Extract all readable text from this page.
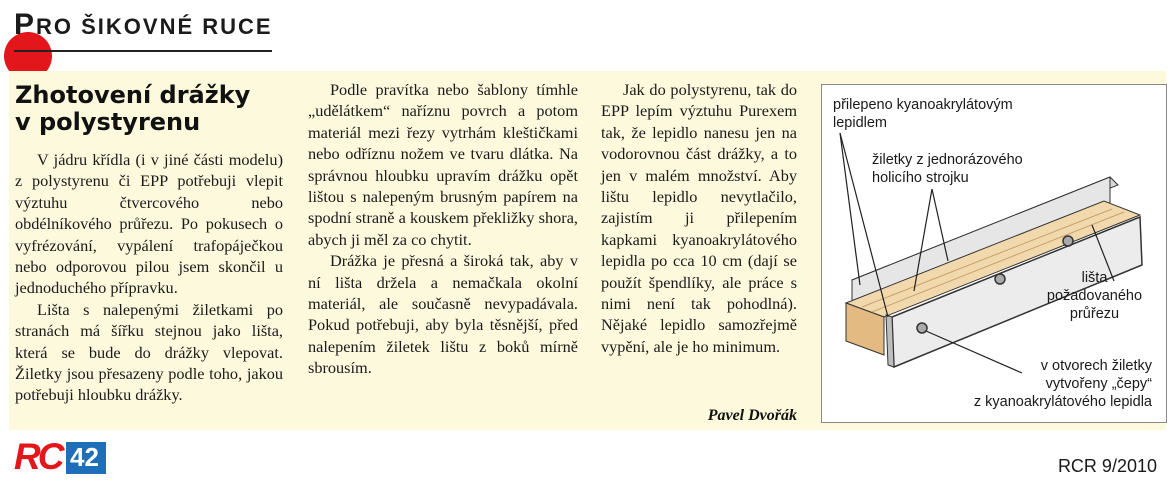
PRO ŠIKOVNÉ RUCE
Zhotovení drážky
v polystyrenu

V jádru křídla (i v jiné části modelu) z polystyrenu či EPP potřebuji vlepit výztuhu čtvercového nebo obdélníkového průřezu. Po pokusech o vyfrézování, vypálení trafopáječkou nebo odporovou pilou jsem skončil u jednoduchého přípravku.

Lišta s nalepenými žiletkami po stranách má šířku stejnou jako lišta, která se bude do drážky vlepovat. Žiletky jsou přesazeny podle toho, jakou potřebuji hloubku drážky.

Podle pravítka nebo šablony tímhle „udělátkem“ naříznu povrch a potom materiál mezi řezy vytrhám kleštičkami nebo odříznu nožem ve tvaru dlátka. Na správnou hloubku upravím drážku opět lištou s nalepeným brusným papírem na spodní straně a kouskem překližky shora, abych ji měl za co chytit.

Drážka je přesná a široká tak, aby v ní lišta držela a nemačkala okolní materiál, ale současně nevypadávala. Pokud potřebuji, aby byla těsnější, před nalepením žiletek lištu z boků mírně sbrousím.

Jak do polystyrenu, tak do EPP lepím výztuhu Purexem tak, že lepidlo nanesu jen na vodorovnou část drážky, a to jen v malém množství. Aby lištu lepidlo nevytlačilo, zajistím ji přilepením kapkami kyanoakrylátového lepidla po cca 10 cm (dají se použít špendlíky, ale práce s nimi není tak pohodlná). Nějaké lepidlo samozřejmě vypění, ale je ho minimum.

Pavel Dvořák
přilepeno kyanoakrylátovým
lepidlem
žiletky z jednorázového
holicího strojku
lišta
požadovaného
průřezu
v otvorech žiletky
vytvořeny „čepy“
z kyanoakrylátového lepidla
RC 42	RCR 9/2010
